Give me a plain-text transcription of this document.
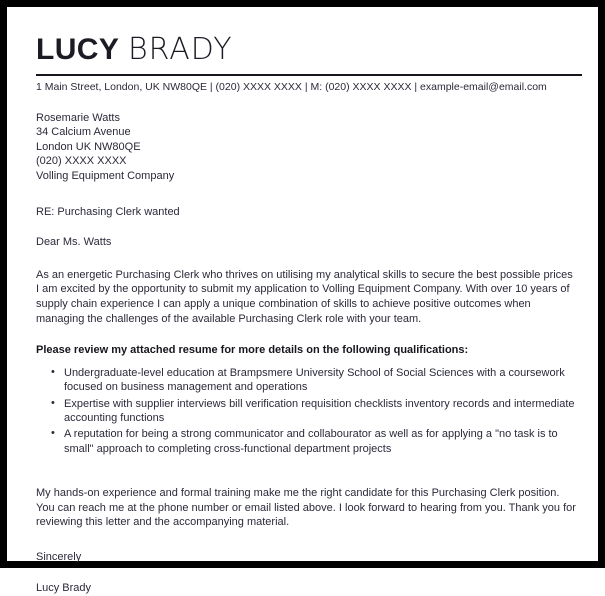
LUCY BRADY
1 Main Street, London, UK NW80QE | (020) XXXX XXXX | M: (020) XXXX XXXX | example-email@email.com
Rosemarie Watts
34 Calcium Avenue
London UK NW80QE
(020) XXXX XXXX
Volling Equipment Company
RE: Purchasing Clerk wanted
Dear Ms. Watts
As an energetic Purchasing Clerk who thrives on utilising my analytical skills to secure the best possible prices I am excited by the opportunity to submit my application to Volling Equipment Company. With over 10 years of supply chain experience I can apply a unique combination of skills to achieve positive outcomes when managing the challenges of the available Purchasing Clerk role with your team.
Please review my attached resume for more details on the following qualifications:
• Undergraduate-level education at Brampsmere University School of Social Sciences with a coursework focused on business management and operations
• Expertise with supplier interviews bill verification requisition checklists inventory records and intermediate accounting functions
• A reputation for being a strong communicator and collabourator as well as for applying a "no task is to small" approach to completing cross-functional department projects
My hands-on experience and formal training make me the right candidate for this Purchasing Clerk position. You can reach me at the phone number or email listed above. I look forward to hearing from you. Thank you for reviewing this letter and the accompanying material.
Sincerely
Lucy Brady
